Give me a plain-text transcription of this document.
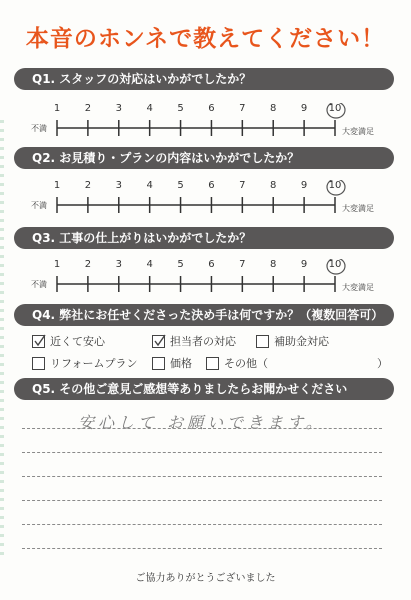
本音のホンネで教えてください！
Q1. スタッフの対応はいかがでしたか？
1	2	3	4	5	6	7	8	9	10
不満	大変満足
Q2. お見積り・プランの内容はいかがでしたか？
1	2	3	4	5	6	7	8	9	10
不満	大変満足
Q3. 工事の仕上がりはいかがでしたか？
1	2	3	4	5	6	7	8	9	10
不満	大変満足
Q4. 弊社にお任せくださった決め手は何ですか？（複数回答可）
近くて安心	担当者の対応	補助金対応
リフォームプラン	価格	その他（	）
Q5. その他ご意見ご感想等ありましたらお聞かせください
安心して お願いできます。
ご協力ありがとうございました
